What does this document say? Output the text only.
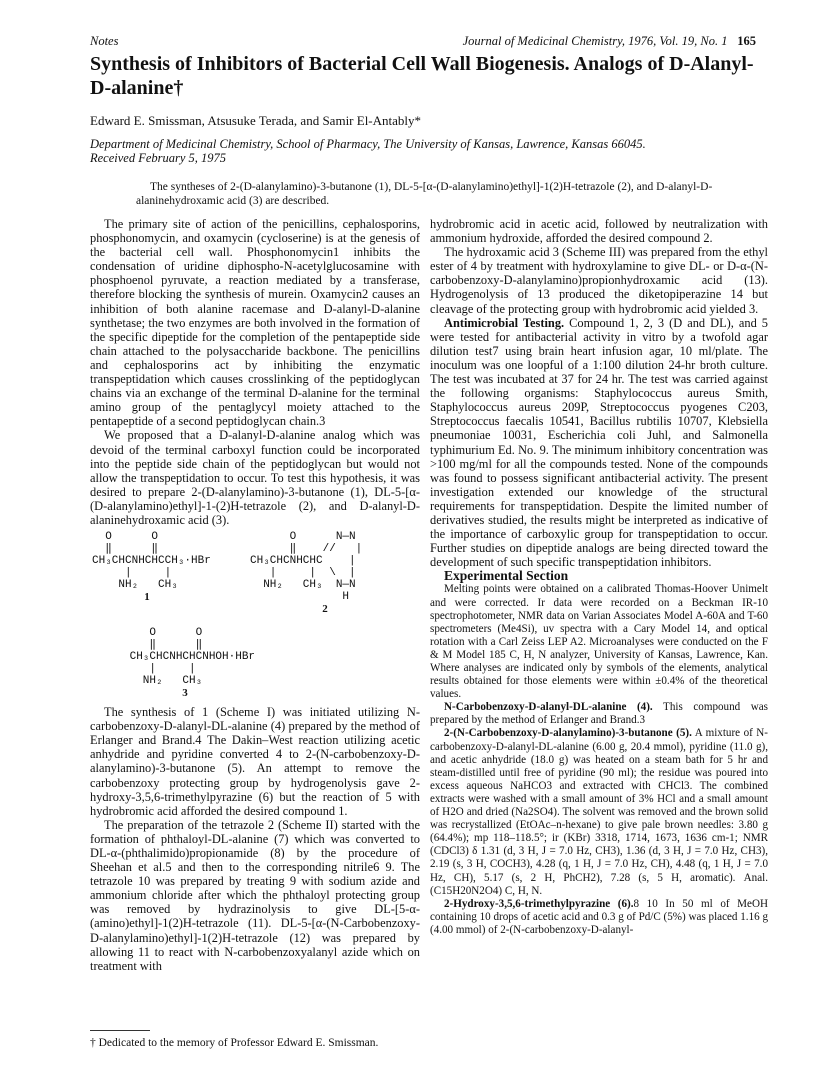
Notes	Journal of Medicinal Chemistry, 1976, Vol. 19, No. 1 165
Synthesis of Inhibitors of Bacterial Cell Wall Biogenesis. Analogs of D-Alanyl-D-alanine†
Edward E. Smissman, Atsusuke Terada, and Samir El-Antably*
Department of Medicinal Chemistry, School of Pharmacy, The University of Kansas, Lawrence, Kansas 66045.
Received February 5, 1975
The syntheses of 2-(D-alanylamino)-3-butanone (1), DL-5-[α-(D-alanylamino)ethyl]-1(2)H-tetrazole (2), and D-alanyl-D-alaninehydroxamic acid (3) are described.

The primary site of action of the penicillins, cephalosporins, phosphonomycin, and oxamycin (cycloserine) is at the genesis of the bacterial cell wall. Phosphonomycin1 inhibits the condensation of uridine diphospho-N-acetylglucosamine with phosphoenol pyruvate, a reaction mediated by a transferase, therefore blocking the synthesis of murein. Oxamycin2 causes an inhibition of both alanine racemase and D-alanyl-D-alanine synthetase; the two enzymes are both involved in the formation of the specific dipeptide for the completion of the pentapeptide side chain attached to the polysaccharide backbone. The penicillins and cephalosporins act by inhibiting the enzymatic transpeptidation which causes crosslinking of the peptidoglycan chains via an exchange of the terminal D-alanine for the terminal amino group of the pentaglycyl moiety attached to the pentapeptide of a second peptidoglycan chain.3

We proposed that a D-alanyl-D-alanine analog which was devoid of the terminal carboxyl function could be incorporated into the peptide side chain of the peptidoglycan but would not allow the transpeptidation to occur. To test this hypothesis, it was desired to prepare 2-(D-alanylamino)-3-butanone (1), DL-5-[α-(D-alanylamino)ethyl]-1-(2)H-tetrazole (2), and D-alanyl-D-alaninehydroxamic acid (3).

O      O
‖      ‖
CH₃CHCNHCHCCH₃·HBr
|     |
NH₂   CH₃
1
O      N—N
‖    //   |
CH₃CHCNHCHC    |
|     |  \  |
NH₂   CH₃  N—N
H
2
O      O
‖      ‖
CH₃CHCNHCHCNHOH·HBr
|     |
NH₂   CH₃
3

The synthesis of 1 (Scheme I) was initiated utilizing N-carbobenzoxy-D-alanyl-DL-alanine (4) prepared by the method of Erlanger and Brand.4 The Dakin–West reaction utilizing acetic anhydride and pyridine converted 4 to 2-(N-carbobenzoxy-D-alanylamino)-3-butanone (5). An attempt to remove the carbobenzoxy protecting group by hydrogenolysis gave 2-hydroxy-3,5,6-trimethylpyrazine (6) but the reaction of 5 with hydrobromic acid afforded the desired compound 1.

The preparation of the tetrazole 2 (Scheme II) started with the formation of phthaloyl-DL-alanine (7) which was converted to DL-α-(phthalimido)propionamide (8) by the procedure of Sheehan et al.5 and then to the corresponding nitrile6 9. The tetrazole 10 was prepared by treating 9 with sodium azide and ammonium chloride after which the phthaloyl protecting group was removed by hydrazinolysis to give DL-[5-α-(amino)ethyl]-1(2)H-tetrazole (11). DL-5-[α-(N-Carbobenzoxy-D-alanylamino)ethyl]-1(2)H-tetrazole (12) was prepared by allowing 11 to react with N-carbobenzoxyalanyl azide which on treatment with

† Dedicated to the memory of Professor Edward E. Smissman.

hydrobromic acid in acetic acid, followed by neutralization with ammonium hydroxide, afforded the desired compound 2.

The hydroxamic acid 3 (Scheme III) was prepared from the ethyl ester of 4 by treatment with hydroxylamine to give DL- or D-α-(N-carbobenzoxy-D-alanylamino)propionhydroxamic acid (13). Hydrogenolysis of 13 produced the diketopiperazine 14 but cleavage of the protecting group with hydrobromic acid yielded 3.

Antimicrobial Testing. Compound 1, 2, 3 (D and DL), and 5 were tested for antibacterial activity in vitro by a twofold agar dilution test7 using brain heart infusion agar, 10 ml/plate. The inoculum was one loopful of a 1:100 dilution 24-hr broth culture. The test was incubated at 37 for 24 hr. The test was carried against the following organisms: Staphylococcus aureus Smith, Staphylococcus aureus 209P, Streptococcus pyogenes C203, Streptococcus faecalis 10541, Bacillus rubtilis 10707, Klebsiella pneumoniae 10031, Escherichia coli Juhl, and Salmonella typhimurium Ed. No. 9. The minimum inhibitory concentration was >100 mg/ml for all the compounds tested. None of the compounds was found to possess significant antibacterial activity. The present investigation extended our knowledge of the structural requirements for transpeptidation. Despite the limited number of derivatives studied, the results might be interpreted as indicative of the importance of carboxylic group for transpeptidation to occur. Further studies on dipeptide analogs are being directed toward the development of such specific transpeptidation inhibitors.

Experimental Section

Melting points were obtained on a calibrated Thomas-Hoover Unimelt and were corrected. Ir data were recorded on a Beckman IR-10 spectrophotometer, NMR data on Varian Associates Model A-60A and T-60 spectrometers (Me4Si), uv spectra with a Cary Model 14, and optical rotation with a Carl Zeiss LEP A2. Microanalyses were conducted on the F & M Model 185 C, H, N analyzer, University of Kansas, Lawrence, Kan. Where analyses are indicated only by symbols of the elements, analytical results obtained for those elements were within ±0.4% of the theoretical values.

N-Carbobenzoxy-D-alanyl-DL-alanine (4). This compound was prepared by the method of Erlanger and Brand.3

2-(N-Carbobenzoxy-D-alanylamino)-3-butanone (5). A mixture of N-carbobenzoxy-D-alanyl-DL-alanine (6.00 g, 20.4 mmol), pyridine (11.0 g), and acetic anhydride (18.0 g) was heated on a steam bath for 5 hr and steam-distilled until free of pyridine (90 ml); the residue was poured into excess aqueous NaHCO3 and extracted with CHCl3. The combined extracts were washed with a small amount of 3% HCl and a small amount of H2O and dried (Na2SO4). The solvent was removed and the brown solid was recrystallized (EtOAc–n-hexane) to give pale brown needles: 3.80 g (64.4%); mp 118–118.5°; ir (KBr) 3318, 1714, 1673, 1636 cm-1; NMR (CDCl3) δ 1.31 (d, 3 H, J = 7.0 Hz, CH3), 1.36 (d, 3 H, J = 7.0 Hz, CH3), 2.19 (s, 3 H, COCH3), 4.28 (q, 1 H, J = 7.0 Hz, CH), 4.48 (q, 1 H, J = 7.0 Hz, CH), 5.17 (s, 2 H, PhCH2), 7.28 (s, 5 H, aromatic). Anal. (C15H20N2O4) C, H, N.

2-Hydroxy-3,5,6-trimethylpyrazine (6).8 10 In 50 ml of MeOH containing 10 drops of acetic acid and 0.3 g of Pd/C (5%) was placed 1.16 g (4.00 mmol) of 2-(N-carbobenzoxy-D-alanyl-
